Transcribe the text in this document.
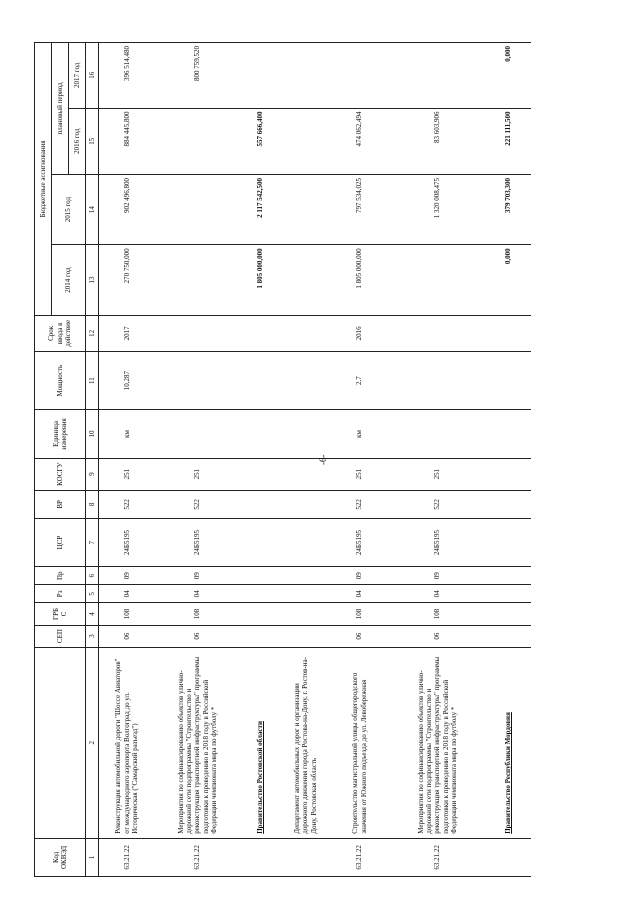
Код ОКВЭД		СЕП	ГРБ С	Рз	Пр	ЦСР	ВР	КОСГУ	Единица измерения	Мощность	Срок ввода в действие	Бюджетные ассигнования			
												2014 год	2015 год	плановый период	
														2016 год	2017 год
1	2	3	4	5	6	7	8	9	10	11	12	13	14	15	16
63.21.22	Реконструкция автомобильной дороги "Шоссе Авиаторов" от международного аэропорта Волгоград до ул. Историческая ("Самарский разъезд")	06	108	04	09	24Б5195	522	251	км	10,287	2017	270 750,000	902 496,800	884 445,800	396 514,480
63.21.22	Мероприятия по софинансированию объектов улично-дорожной сети подпрограммы "Строительство и реконструкция транспортной инфраструктуры" программы подготовки к проведению в 2018 году в Российской Федерации чемпионата мира по футболу *	06	108	04	09	24Б5195	522	251							800 759,520
	Правительство Ростовской области											1 805 000,000	2 117 542,500	557 666,400	
	Департамент автомобильных дорог и организации дорожного движения города Ростова-на-Дону, г. Ростов-на-Дону, Ростовская область														
63.21.22	Строительство магистральной улицы общегородского значения от Южного подъезда до ул. Левобережная	06	108	04	09	24Б5195	522	251	км	2,7	2016	1 805 000,000	797 534,025	474 062,494	
63.21.22	Мероприятия по софинансированию объектов улично-дорожной сети подпрограммы "Строительство и реконструкция транспортной инфраструктуры" программы подготовки к проведению в 2018 году в Российской Федерации чемпионата мира по футболу *	06	108	04	09	24Б5195	522	251					1 320 008,475	83 603,906	
	Правительство Республики Мордовия											0,000	379 703,300	221 111,500	0,000
-6-
